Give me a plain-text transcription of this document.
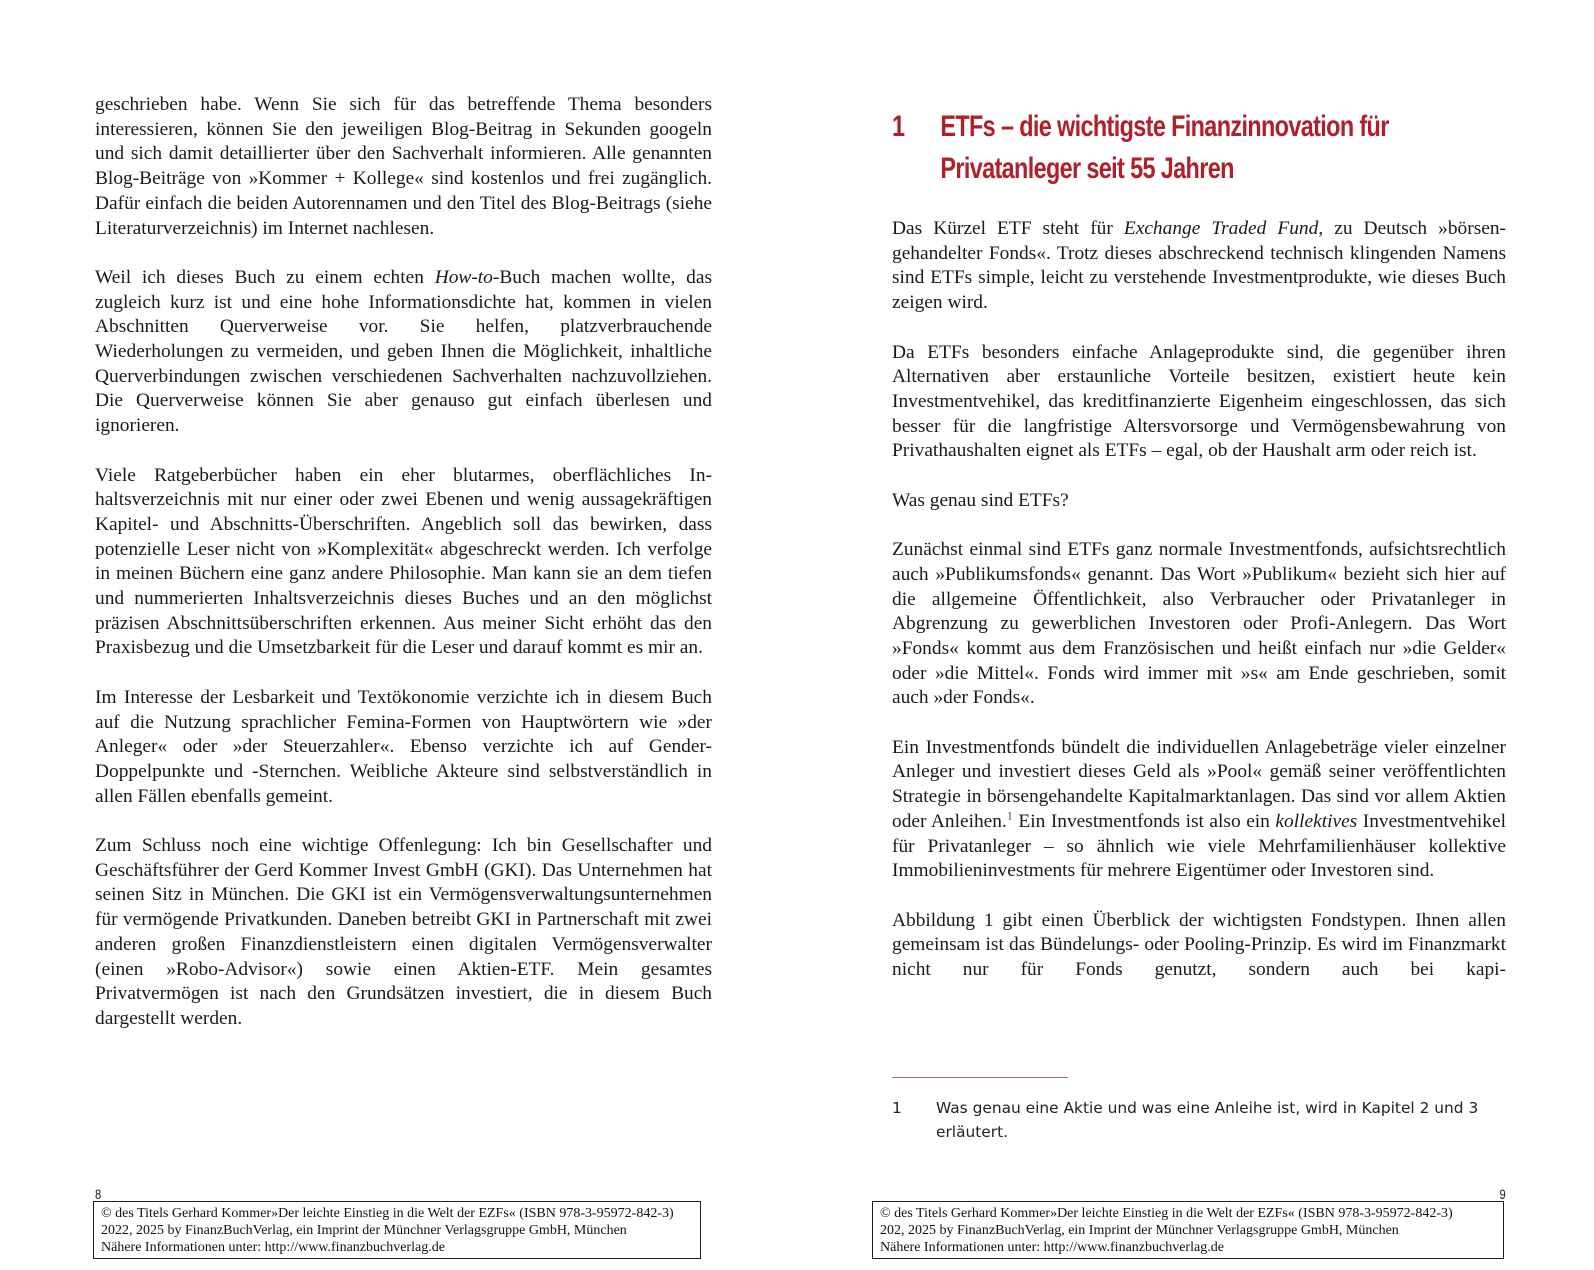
geschrieben habe. Wenn Sie sich für das betreffende Thema besonders interessieren, können Sie den jeweiligen Blog-Beitrag in Sekunden googeln und sich damit detaillierter über den Sachverhalt informieren. Alle genannten Blog-Beiträge von »Kommer + Kollege« sind kostenlos und frei zugänglich. Dafür einfach die beiden Autorennamen und den Titel des Blog-Beitrags (siehe Literaturverzeichnis) im Internet nachlesen.

Weil ich dieses Buch zu einem echten How-to-Buch machen wollte, das zugleich kurz ist und eine hohe Informationsdichte hat, kommen in vielen Abschnitten Querverweise vor. Sie helfen, platzverbrauchende Wiederholungen zu vermeiden, und geben Ihnen die Möglichkeit, inhaltliche Querverbindungen zwischen verschiedenen Sachverhalten nachzuvollziehen. Die Querverweise können Sie aber genauso gut einfach überlesen und ignorieren.

Viele Ratgeberbücher haben ein eher blutarmes, oberflächliches Inhaltsverzeichnis mit nur einer oder zwei Ebenen und wenig aussagekräftigen Kapitel- und Abschnitts-Überschriften. Angeblich soll das bewirken, dass potenzielle Leser nicht von »Komplexität« abgeschreckt werden. Ich verfolge in meinen Büchern eine ganz andere Philosophie. Man kann sie an dem tiefen und nummerierten Inhaltsverzeichnis dieses Buches und an den möglichst präzisen Abschnittsüberschriften erkennen. Aus meiner Sicht erhöht das den Praxisbezug und die Umsetzbarkeit für die Leser und darauf kommt es mir an.

Im Interesse der Lesbarkeit und Textökonomie verzichte ich in diesem Buch auf die Nutzung sprachlicher Femina-Formen von Hauptwörtern wie »der Anleger« oder »der Steuerzahler«. Ebenso verzichte ich auf Gender-Doppelpunkte und -Sternchen. Weibliche Akteure sind selbstverständlich in allen Fällen ebenfalls gemeint.

Zum Schluss noch eine wichtige Offenlegung: Ich bin Gesellschafter und Geschäftsführer der Gerd Kommer Invest GmbH (GKI). Das Unternehmen hat seinen Sitz in München. Die GKI ist ein Vermögensverwaltungsunternehmen für vermögende Privatkunden. Daneben betreibt GKI in Partnerschaft mit zwei anderen großen Finanzdienstleistern einen digitalen Vermögensverwalter (einen »Robo-Advisor«) sowie einen Aktien-ETF. Mein gesamtes Privatvermögen ist nach den Grundsätzen investiert, die in diesem Buch dargestellt werden.

8
© des Titels Gerhard Kommer»Der leichte Einstieg in die Welt der EZFs« (ISBN 978-3-95972-842-3)
2022, 2025 by FinanzBuchVerlag, ein Imprint der Münchner Verlagsgruppe GmbH, München
Nähere Informationen unter: http://www.finanzbuchverlag.de
1 ETFs – die wichtigste Finanzinnovation für
Privatanleger seit 55 Jahren

Das Kürzel ETF steht für Exchange Traded Fund, zu Deutsch »börsengehandelter Fonds«. Trotz dieses abschreckend technisch klingenden Namens sind ETFs simple, leicht zu verstehende Investmentprodukte, wie dieses Buch zeigen wird.

Da ETFs besonders einfache Anlageprodukte sind, die gegenüber ihren Alternativen aber erstaunliche Vorteile besitzen, existiert heute kein Investmentvehikel, das kreditfinanzierte Eigenheim eingeschlossen, das sich besser für die langfristige Altersvorsorge und Vermögensbewahrung von Privathaushalten eignet als ETFs – egal, ob der Haushalt arm oder reich ist.

Was genau sind ETFs?

Zunächst einmal sind ETFs ganz normale Investmentfonds, aufsichtsrechtlich auch »Publikumsfonds« genannt. Das Wort »Publikum« bezieht sich hier auf die allgemeine Öffentlichkeit, also Verbraucher oder Privatanleger in Abgrenzung zu gewerblichen Investoren oder Profi-Anlegern. Das Wort »Fonds« kommt aus dem Französischen und heißt einfach nur »die Gelder« oder »die Mittel«. Fonds wird immer mit »s« am Ende geschrieben, somit auch »der Fonds«.

Ein Investmentfonds bündelt die individuellen Anlagebeträge vieler einzelner Anleger und investiert dieses Geld als »Pool« gemäß seiner veröffentlichten Strategie in börsengehandelte Kapitalmarktanlagen. Das sind vor allem Aktien oder Anleihen.$^1$ Ein Investmentfonds ist also ein kollektives Investmentvehikel für Privatanleger – so ähnlich wie viele Mehrfamilienhäuser kollektive Immobilieninvestments für mehrere Eigentümer oder Investoren sind.

Abbildung 1 gibt einen Überblick der wichtigsten Fondstypen. Ihnen allen gemeinsam ist das Bündelungs- oder Pooling-Prinzip. Es wird im Finanzmarkt nicht nur für Fonds genutzt, sondern auch bei kapi-

1 Was genau eine Aktie und was eine Anleihe ist, wird in Kapitel 2 und 3 erläutert.
9
© des Titels Gerhard Kommer»Der leichte Einstieg in die Welt der EZFs« (ISBN 978-3-95972-842-3)
202, 2025 by FinanzBuchVerlag, ein Imprint der Münchner Verlagsgruppe GmbH, München
Nähere Informationen unter: http://www.finanzbuchverlag.de
